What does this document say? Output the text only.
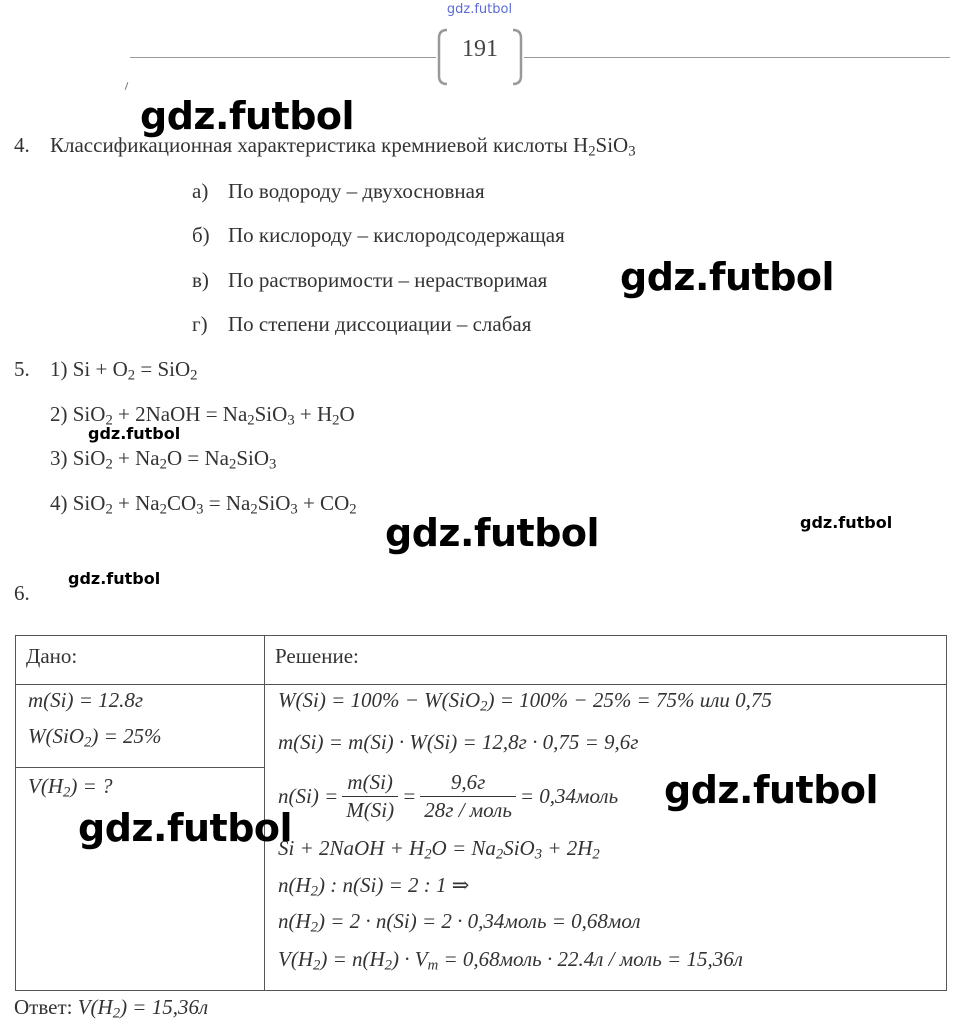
gdz.futbol
191
4. Классификационная характеристика кремниевой кислоты $H_2SiO_3$
а) По водороду – двухосновная
б) По кислороду – кислородсодержащая
в) По растворимости – нерастворимая
г) По степени диссоциации – слабая
5. 1) $Si + O_2 = SiO_2$
2) SiO$_2$ + 2NaOH = $Na_2SiO_3 + H_2O$
3) $SiO_2 + Na_2O = Na_2SiO_3$
4) $SiO_2 + Na_2CO_3 = Na_2SiO_3 + CO_2$
6.
Дано:	Решение:
m(Si) = 12.8г
W(SiO$_2$) = 25%
$V(H_2)$ = ?
W(Si) = 100% − W(SiO$_2$) = 100% − 25% = 75% или 0,75
m(Si) = m(Si) · W(Si) = 12,8г · 0,75 = 9,6г
$n(Si) = \frac{m(Si)}{M(Si)} = \frac{9,6г}{\text{28г / моль}}$ = 0,34моль
Si + 2NaOH + $H_2O = Na_2SiO_3 + 2H_2$
$n(H_2)$ : n(Si) = 2 : 1 ⇒
$n(H_2) = 2 \cdot n(Si) = 2$ · 0,34моль = 0,68мол
$V(H_2) = n(H_2) \cdot V_m$ = 0,68моль · 22.4л / моль = 15,36л
Ответ: $V(H_2) = 15,36л$
gdz.futbol
gdz.futbol
gdz.futbol
gdz.futbol	gdz.futbol
gdz.futbol
gdz.futbol
gdz.futbol
